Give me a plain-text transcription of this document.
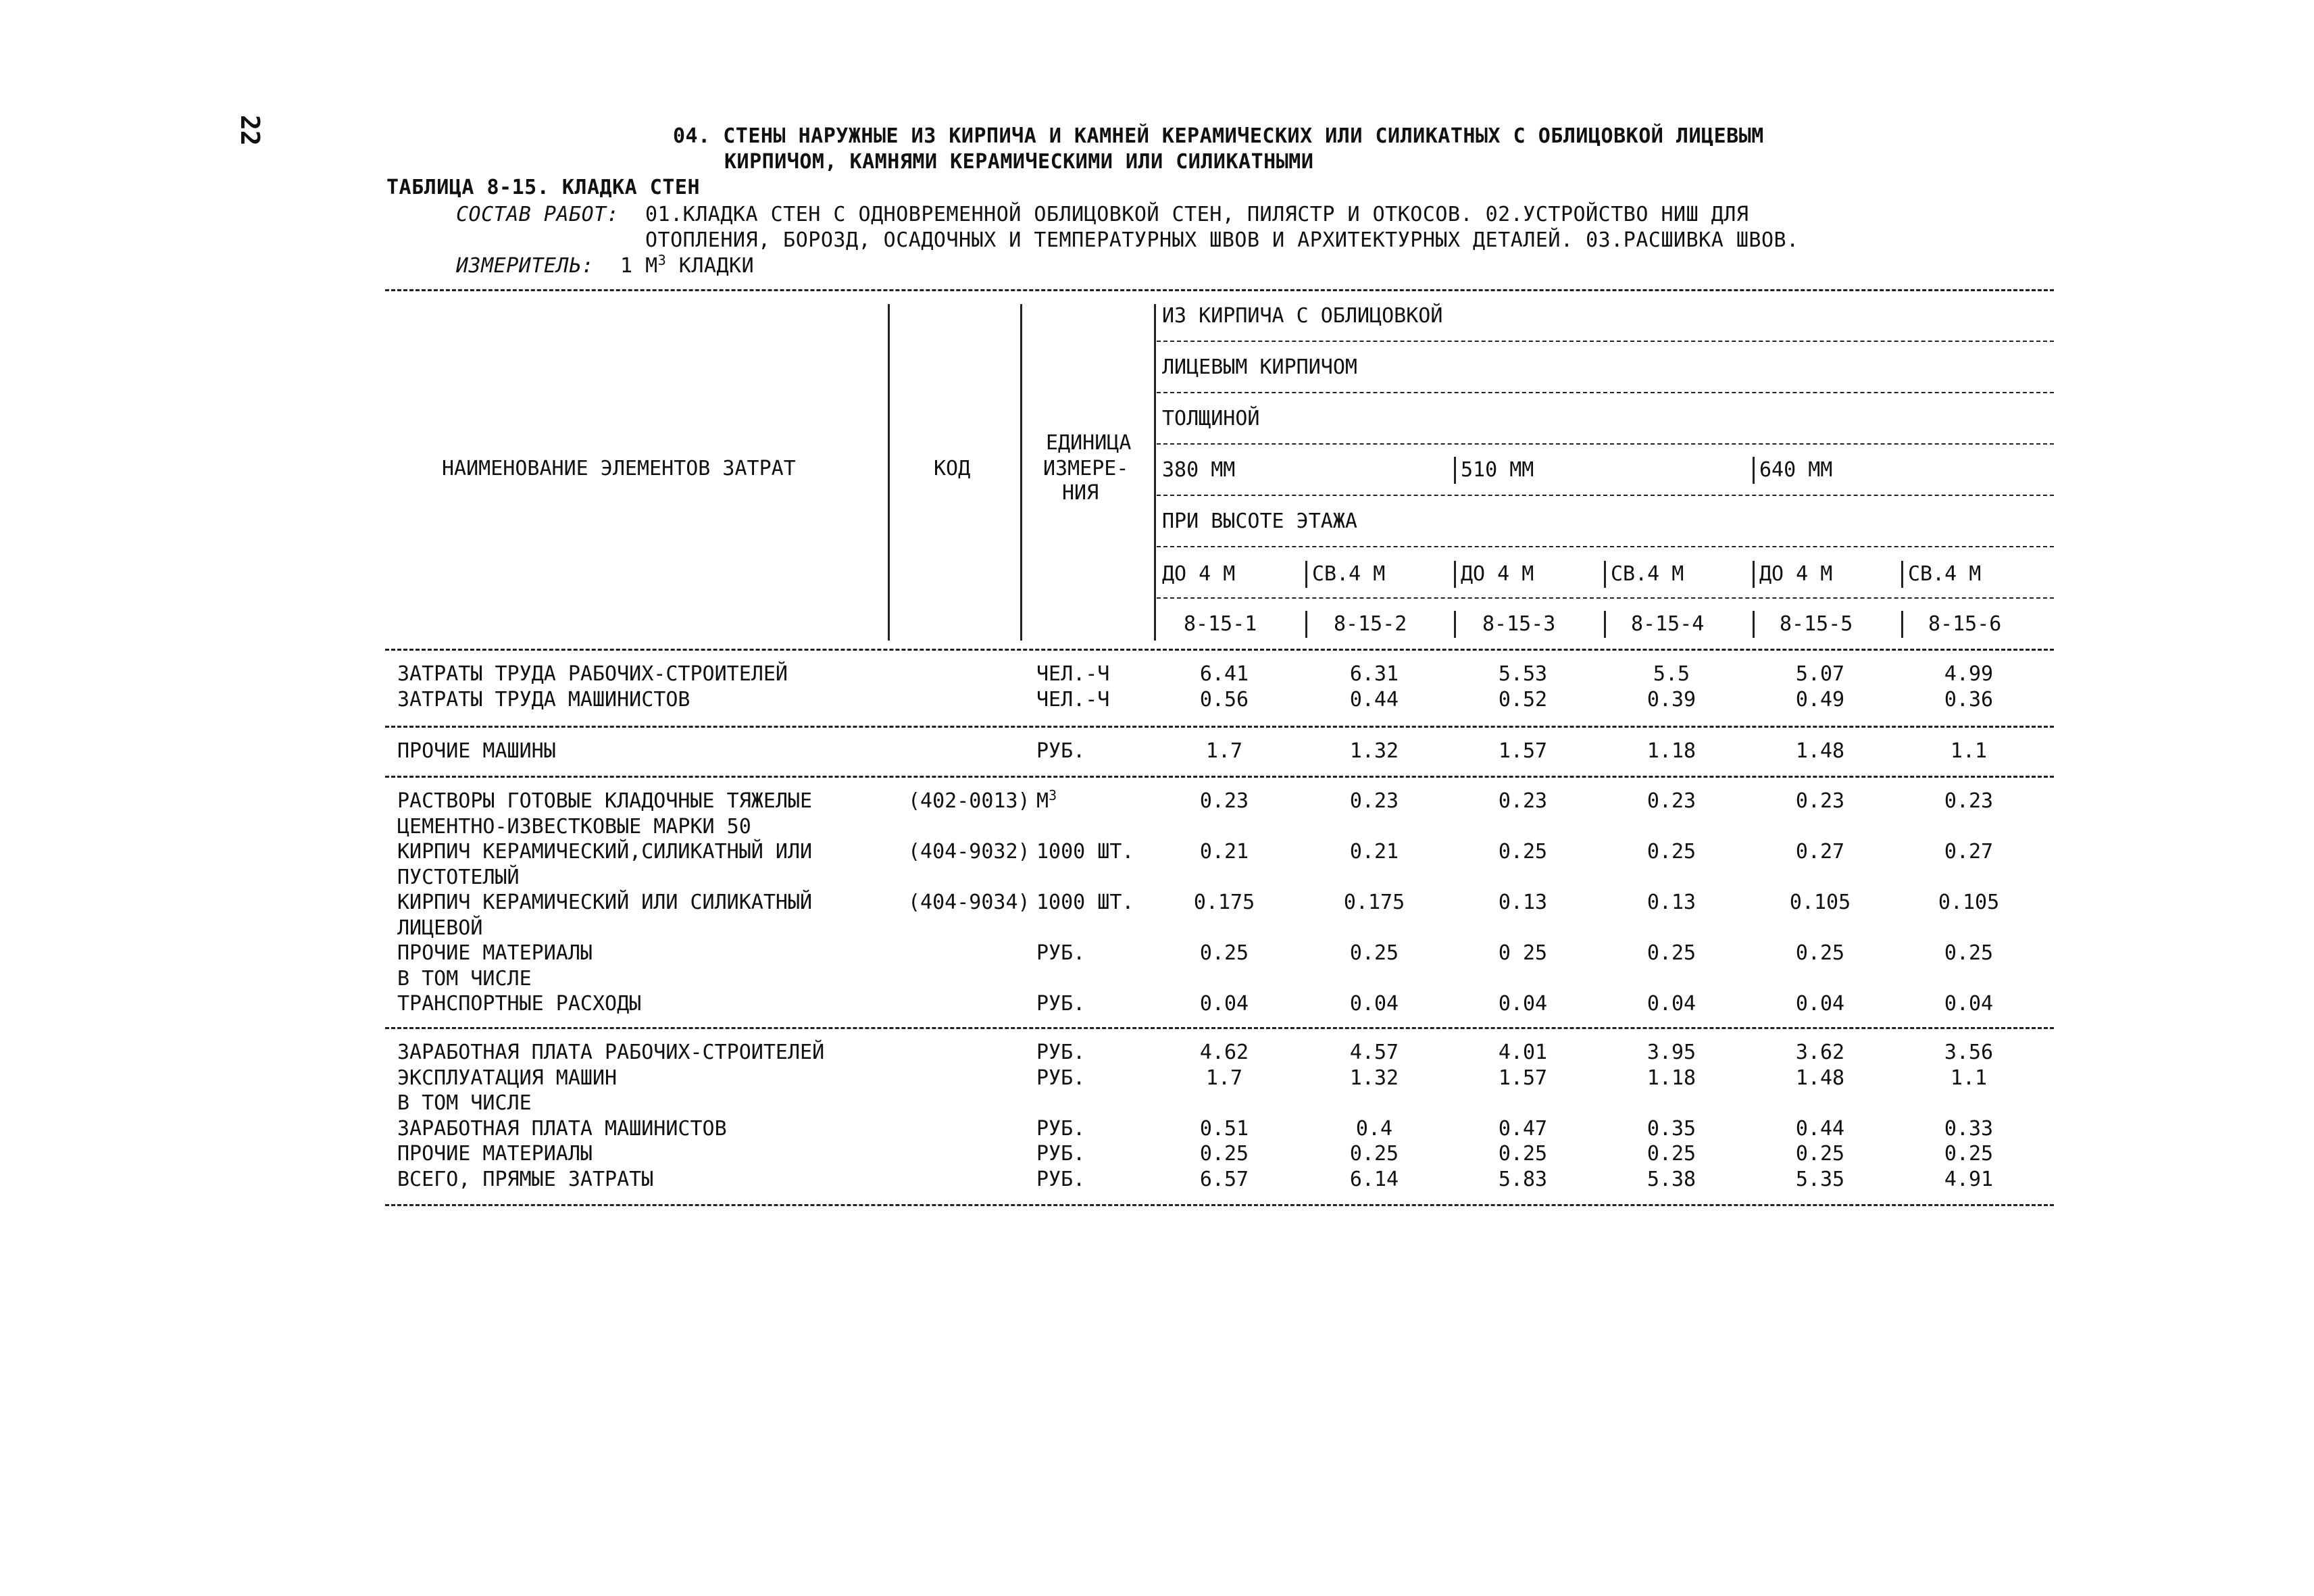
22	04. СТЕНЫ НАРУЖНЫЕ ИЗ КИРПИЧА И КАМНЕЙ КЕРАМИЧЕСКИХ ИЛИ СИЛИКАТНЫХ С ОБЛИЦОВКОЙ ЛИЦЕВЫМ
КИРПИЧОМ, КАМНЯМИ КЕРАМИЧЕСКИМИ ИЛИ СИЛИКАТНЫМИ
ТАБЛИЦА 8-15. КЛАДКА СТЕН
СОСТАВ РАБОТ: 01.КЛАДКА СТЕН С ОДНОВРЕМЕННОЙ ОБЛИЦОВКОЙ СТЕН, ПИЛЯСТР И ОТКОСОВ. 02.УСТРОЙСТВО НИШ ДЛЯ
ОТОПЛЕНИЯ, БОРОЗД, ОСАДОЧНЫХ И ТЕМПЕРАТУРНЫХ ШВОВ И АРХИТЕКТУРНЫХ ДЕТАЛЕЙ. 03.РАСШИВКА ШВОВ.
ИЗМЕРИТЕЛЬ: 1 $М^3$ КЛАДКИ
НАИМЕНОВАНИЕ ЭЛЕМЕНТОВ ЗАТРАТ	КОД
ЕДИНИЦА
ИЗМЕРЕ-
НИЯ
ИЗ КИРПИЧА С ОБЛИЦОВКОЙ
ЛИЦЕВЫМ КИРПИЧОМ
ТОЛЩИНОЙ
380 ММ	510 ММ	640 ММ
ПРИ ВЫСОТЕ ЭТАЖА
ДО 4 М	СВ.4 М	ДО 4 М	СВ.4 М	ДО 4 М	СВ.4 М
8-15-1	8-15-2	8-15-3	8-15-4	8-15-5	8-15-6
ЗАТРАТЫ ТРУДА РАБОЧИХ-СТРОИТЕЛЕЙ	ЧЕЛ.-Ч	6.41	6.31	5.53	5.5	5.07	4.99
ЗАТРАТЫ ТРУДА МАШИНИСТОВ	ЧЕЛ.-Ч	0.56	0.44	0.52	0.39	0.49	0.36
ПРОЧИЕ МАШИНЫ	РУБ.	1.7	1.32	1.57	1.18	1.48	1.1
РАСТВОРЫ ГОТОВЫЕ КЛАДОЧНЫЕ ТЯЖЕЛЫЕ	(402-0013) $М^3$	0.23	0.23	0.23	0.23	0.23	0.23
ЦЕМЕНТНО-ИЗВЕСТКОВЫЕ МАРКИ 50
КИРПИЧ КЕРАМИЧЕСКИЙ,СИЛИКАТНЫЙ ИЛИ	(404-9032) 1000 ШТ.	0.21	0.21	0.25	0.25	0.27	0.27
ПУСТОТЕЛЫЙ
КИРПИЧ КЕРАМИЧЕСКИЙ ИЛИ СИЛИКАТНЫЙ	(404-9034) 1000 ШТ.	0.175	0.175	0.13	0.13	0.105	0.105
ЛИЦЕВОЙ
ПРОЧИЕ МАТЕРИАЛЫ	РУБ.	0.25	0.25	0 25	0.25	0.25	0.25
В ТОМ ЧИСЛЕ
ТРАНСПОРТНЫЕ РАСХОДЫ	РУБ.	0.04	0.04	0.04	0.04	0.04	0.04
ЗАРАБОТНАЯ ПЛАТА РАБОЧИХ-СТРОИТЕЛЕЙ	РУБ.	4.62	4.57	4.01	3.95	3.62	3.56
ЭКСПЛУАТАЦИЯ МАШИН	РУБ.	1.7	1.32	1.57	1.18	1.48	1.1
В ТОМ ЧИСЛЕ
ЗАРАБОТНАЯ ПЛАТА МАШИНИСТОВ	РУБ.	0.51	0.4	0.47	0.35	0.44	0.33
ПРОЧИЕ МАТЕРИАЛЫ	РУБ.	0.25	0.25	0.25	0.25	0.25	0.25
ВСЕГО, ПРЯМЫЕ ЗАТРАТЫ	РУБ.	6.57	6.14	5.83	5.38	5.35	4.91
